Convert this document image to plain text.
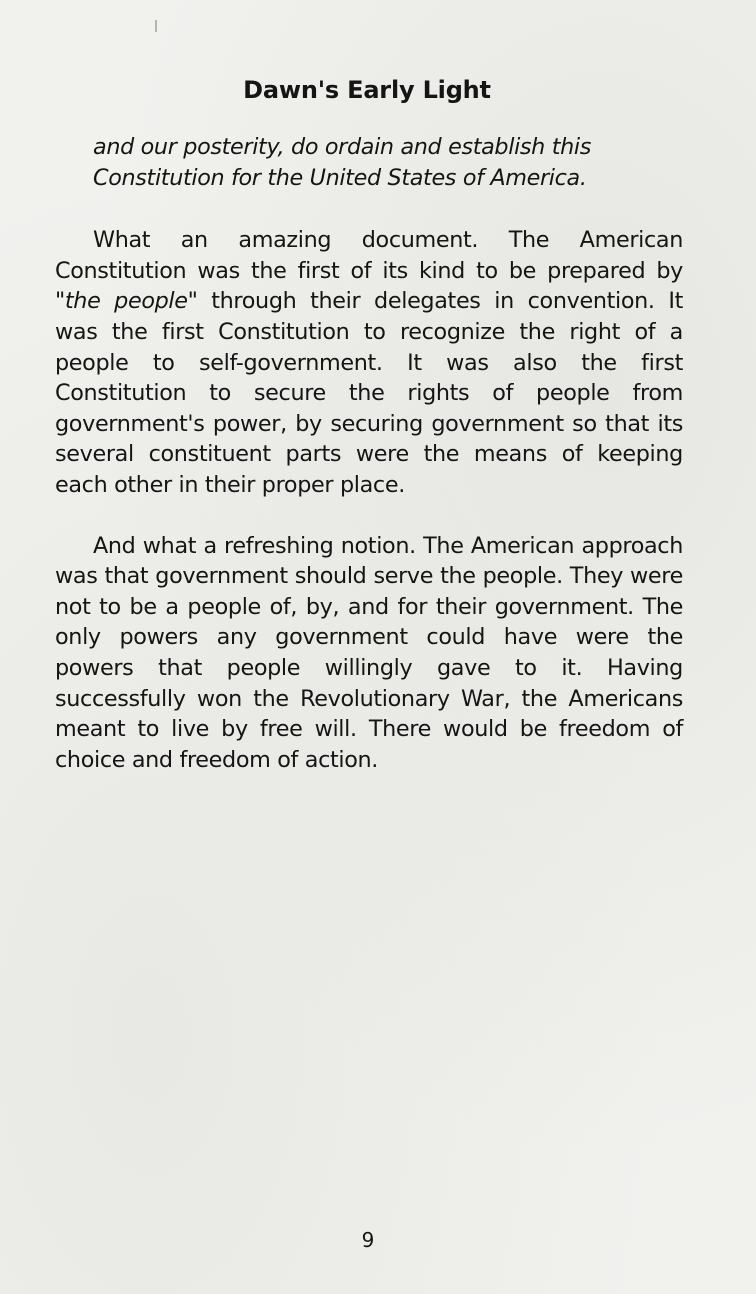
Dawn's Early Light

and our posterity, do ordain and establish this Constitution for the United States of America.

What an amazing document. The American Constitution was the first of its kind to be prepared by "the people" through their delegates in convention. It was the first Constitution to recognize the right of a people to self-government. It was also the first Constitution to secure the rights of people from government's power, by securing government so that its several constituent parts were the means of keeping each other in their proper place.

And what a refreshing notion. The American approach was that government should serve the people. They were not to be a people of, by, and for their government. The only powers any government could have were the powers that people willingly gave to it. Having successfully won the Revolutionary War, the Americans meant to live by free will. There would be freedom of choice and freedom of action.

9
